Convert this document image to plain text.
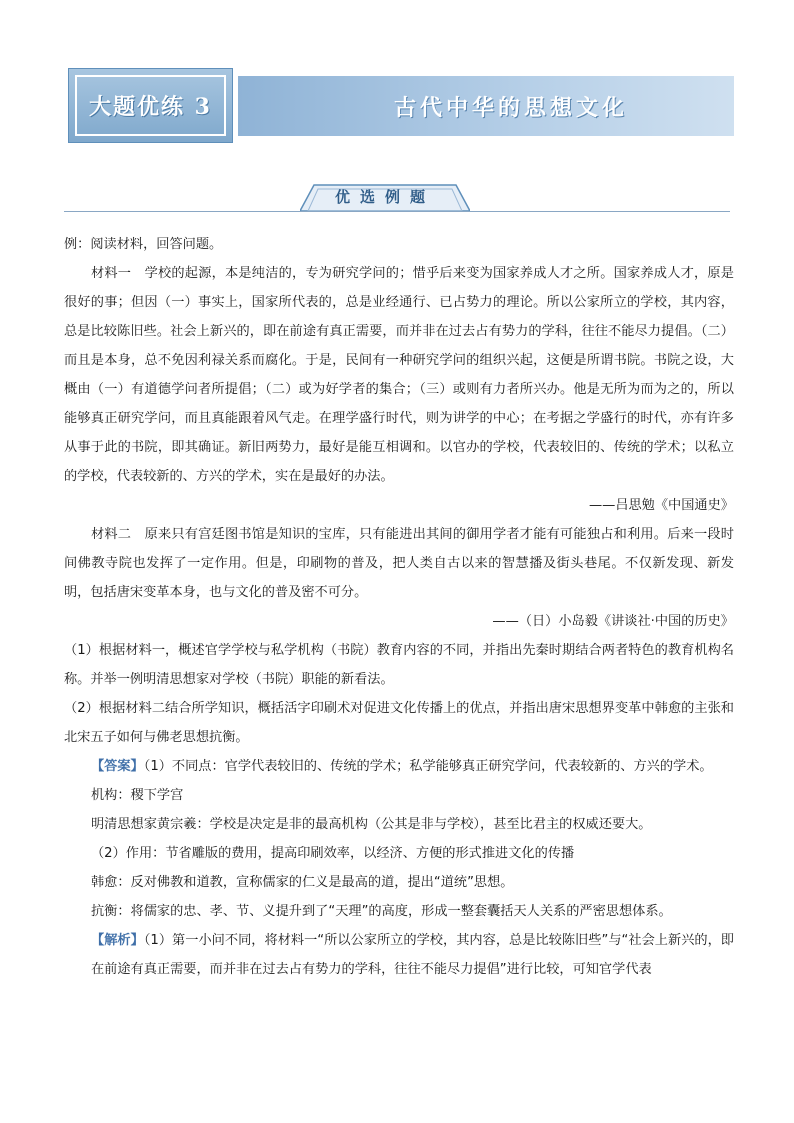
大题优练 3	古代中华的思想文化
优选例题

例：阅读材料，回答问题。

材料一　学校的起源，本是纯洁的，专为研究学问的；惜乎后来变为国家养成人才之所。国家养成人才，原是很好的事；但因（一）事实上，国家所代表的，总是业经通行、已占势力的理论。所以公家所立的学校，其内容，总是比较陈旧些。社会上新兴的，即在前途有真正需要，而并非在过去占有势力的学科，往往不能尽力提倡。（二）而且是本身，总不免因利禄关系而腐化。于是，民间有一种研究学问的组织兴起，这便是所谓书院。书院之设，大概由（一）有道德学问者所提倡；（二）或为好学者的集合；（三）或则有力者所兴办。他是无所为而为之的，所以能够真正研究学问，而且真能跟着风气走。在理学盛行时代，则为讲学的中心；在考据之学盛行的时代，亦有许多从事于此的书院，即其确证。新旧两势力，最好是能互相调和。以官办的学校，代表较旧的、传统的学术；以私立的学校，代表较新的、方兴的学术，实在是最好的办法。

——吕思勉《中国通史》

材料二　原来只有宫廷图书馆是知识的宝库，只有能进出其间的御用学者才能有可能独占和利用。后来一段时间佛教寺院也发挥了一定作用。但是，印刷物的普及，把人类自古以来的智慧播及街头巷尾。不仅新发现、新发明，包括唐宋变革本身，也与文化的普及密不可分。

——（日）小岛毅《讲谈社·中国的历史》

（1）根据材料一，概述官学学校与私学机构（书院）教育内容的不同，并指出先秦时期结合两者特色的教育机构名称。并举一例明清思想家对学校（书院）职能的新看法。

（2）根据材料二结合所学知识，概括活字印刷术对促进文化传播上的优点，并指出唐宋思想界变革中韩愈的主张和北宋五子如何与佛老思想抗衡。

【答案】（1）不同点：官学代表较旧的、传统的学术；私学能够真正研究学问，代表较新的、方兴的学术。

机构：稷下学宫

明清思想家黄宗羲：学校是决定是非的最高机构（公其是非与学校），甚至比君主的权威还要大。

（2）作用：节省雕版的费用，提高印刷效率，以经济、方便的形式推进文化的传播

韩愈：反对佛教和道教，宣称儒家的仁义是最高的道，提出“道统”思想。

抗衡：将儒家的忠、孝、节、义提升到了“天理”的高度，形成一整套囊括天人关系的严密思想体系。

【解析】（1）第一小问不同，将材料一“所以公家所立的学校，其内容，总是比较陈旧些”与“社会上新兴的，即在前途有真正需要，而并非在过去占有势力的学科，往往不能尽力提倡”进行比较，可知官学代表
